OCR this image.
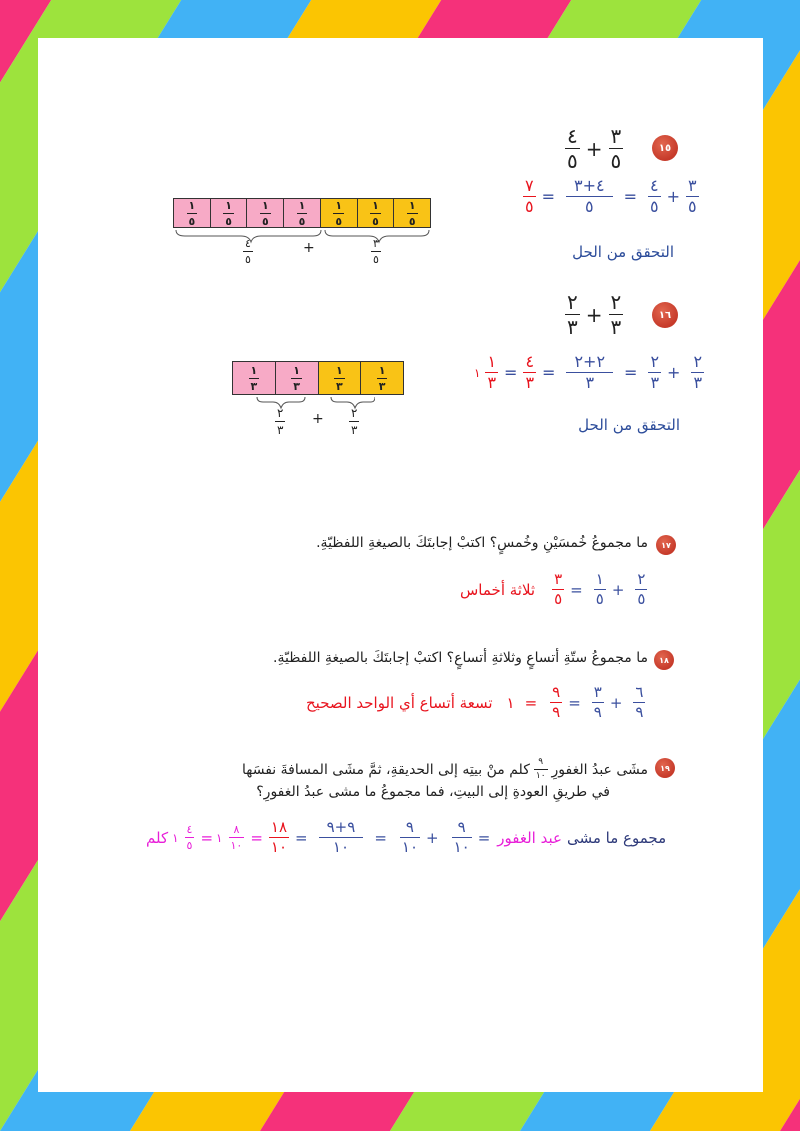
١٥
$\frac{٤}{٥} + \frac{٣}{٥}$
$\frac{٧}{٥} = \frac{٤+٣}{٥} = \frac{٤}{٥} + \frac{٣}{٥}$
التحقق من الحل
$\frac{١}{٥} \frac{١}{٥} \frac{١}{٥} \frac{١}{٥} \frac{١}{٥} \frac{١}{٥} \frac{١}{٥}$
$\frac{٤}{٥}$	+	$\frac{٣}{٥}$
١٦
$\frac{٢}{٣} + \frac{٢}{٣}$
١ $\frac{١}{٣} = \frac{٤}{٣} = \frac{٢+٢}{٣} = \frac{٢}{٣} + \frac{٢}{٣}$
التحقق من الحل
$\frac{١}{٣}$	$\frac{١}{٣}$	$\frac{١}{٣}$	$\frac{١}{٣}$
$\frac{٢}{٣} + \frac{٢}{٣}$
١٧
ما مجموعُ خُمسَيْنِ وخُمسٍ؟ اكتبْ إجابتَكَ بالصيغةِ اللفظيّةِ.
ثلاثة أخماس $\frac{٣}{٥} = \frac{١}{٥} + \frac{٢}{٥}$
١٨
ما مجموعُ ستّةِ أتساعٍ وثلاثةِ أتساعٍ؟ اكتبْ إجابتَكَ بالصيغةِ اللفظيّةِ.
تسعة أتساع أي الواحد الصحيح ١ = $\frac{٩}{٩} = \frac{٣}{٩} + \frac{٦}{٩}$
١٩
مشَى عبدُ الغفورِ
$\frac{٩}{١٠}$
كلم منْ بيتِه إلى الحديقةِ، ثمَّ مشَى المسافةَ نفسَها
في طريقِ العودةِ إلى البيتِ، فما مجموعُ ما مشى عبدُ الغفورِ؟
كلم ١ $\frac{٤}{٥}$ = ١ $\frac{٨}{١٠} = \frac{١٨}{١٠} = \frac{٩+٩}{١٠} = \frac{٩}{١٠} + \frac{٩}{١٠}$ = عبد الغفور مجموع ما مشى
